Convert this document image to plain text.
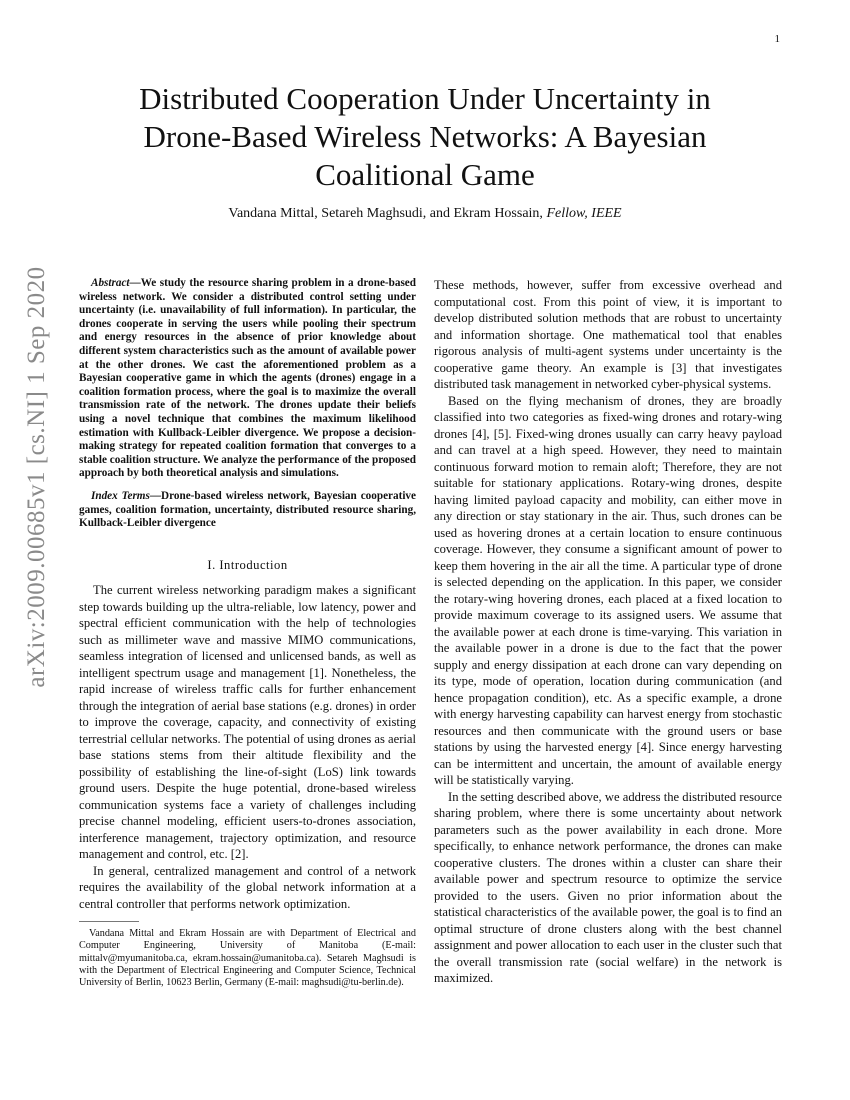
1
arXiv:2009.00685v1 [cs.NI] 1 Sep 2020
Distributed Cooperation Under Uncertainty in Drone-Based Wireless Networks: A Bayesian Coalitional Game
Vandana Mittal, Setareh Maghsudi, and Ekram Hossain, Fellow, IEEE

Abstract—We study the resource sharing problem in a drone-based wireless network. We consider a distributed control setting under uncertainty (i.e. unavailability of full information). In particular, the drones cooperate in serving the users while pooling their spectrum and energy resources in the absence of prior knowledge about different system characteristics such as the amount of available power at the other drones. We cast the aforementioned problem as a Bayesian cooperative game in which the agents (drones) engage in a coalition formation process, where the goal is to maximize the overall transmission rate of the network. The drones update their beliefs using a novel technique that combines the maximum likelihood estimation with Kullback-Leibler divergence. We propose a decision-making strategy for repeated coalition formation that converges to a stable coalition structure. We analyze the performance of the proposed approach by both theoretical analysis and simulations.

Index Terms—Drone-based wireless network, Bayesian cooperative games, coalition formation, uncertainty, distributed resource sharing, Kullback-Leibler divergence

I. Introduction

The current wireless networking paradigm makes a significant step towards building up the ultra-reliable, low latency, power and spectral efficient communication with the help of technologies such as millimeter wave and massive MIMO communications, seamless integration of licensed and unlicensed bands, as well as intelligent spectrum usage and management [1]. Nonetheless, the rapid increase of wireless traffic calls for further enhancement through the integration of aerial base stations (e.g. drones) in order to improve the coverage, capacity, and connectivity of existing terrestrial cellular networks. The potential of using drones as aerial base stations stems from their altitude flexibility and the possibility of establishing the line-of-sight (LoS) link towards ground users. Despite the huge potential, drone-based wireless communication systems face a variety of challenges including precise channel modeling, efficient users-to-drones association, interference management, trajectory optimization, and resource management and control, etc. [2].

In general, centralized management and control of a network requires the availability of the global network information at a central controller that performs network optimization.

Vandana Mittal and Ekram Hossain are with Department of Electrical and Computer Engineering, University of Manitoba (E-mail: mittalv@myumanitoba.ca, ekram.hossain@umanitoba.ca). Setareh Maghsudi is with the Department of Electrical Engineering and Computer Science, Technical University of Berlin, 10623 Berlin, Germany (E-mail: maghsudi@tu-berlin.de).

These methods, however, suffer from excessive overhead and computational cost. From this point of view, it is important to develop distributed solution methods that are robust to uncertainty and information shortage. One mathematical tool that enables rigorous analysis of multi-agent systems under uncertainty is the cooperative game theory. An example is [3] that investigates distributed task management in networked cyber-physical systems.

Based on the flying mechanism of drones, they are broadly classified into two categories as fixed-wing drones and rotary-wing drones [4], [5]. Fixed-wing drones usually can carry heavy payload and can travel at a high speed. However, they need to maintain continuous forward motion to remain aloft; Therefore, they are not suitable for stationary applications. Rotary-wing drones, despite having limited payload capacity and mobility, can either move in any direction or stay stationary in the air. Thus, such drones can be used as hovering drones at a certain location to ensure continuous coverage. However, they consume a significant amount of power to keep them hovering in the air all the time. A particular type of drone is selected depending on the application. In this paper, we consider the rotary-wing hovering drones, each placed at a fixed location to provide maximum coverage to its assigned users. We assume that the available power at each drone is time-varying. This variation in the available power in a drone is due to the fact that the power supply and energy dissipation at each drone can vary depending on its type, mode of operation, location during communication (and hence propagation condition), etc. As a specific example, a drone with energy harvesting capability can harvest energy from stochastic resources and then communicate with the ground users or base stations by using the harvested energy [4]. Since energy harvesting can be intermittent and uncertain, the amount of available energy will be statistically varying.

In the setting described above, we address the distributed resource sharing problem, where there is some uncertainty about network parameters such as the power availability in each drone. More specifically, to enhance network performance, the drones can make cooperative clusters. The drones within a cluster can share their available power and spectrum resource to optimize the service provided to the users. Given no prior information about the statistical characteristics of the available power, the goal is to find an optimal structure of drone clusters along with the best channel assignment and power allocation to each user in the cluster such that the overall transmission rate (social welfare) in the network is maximized.
